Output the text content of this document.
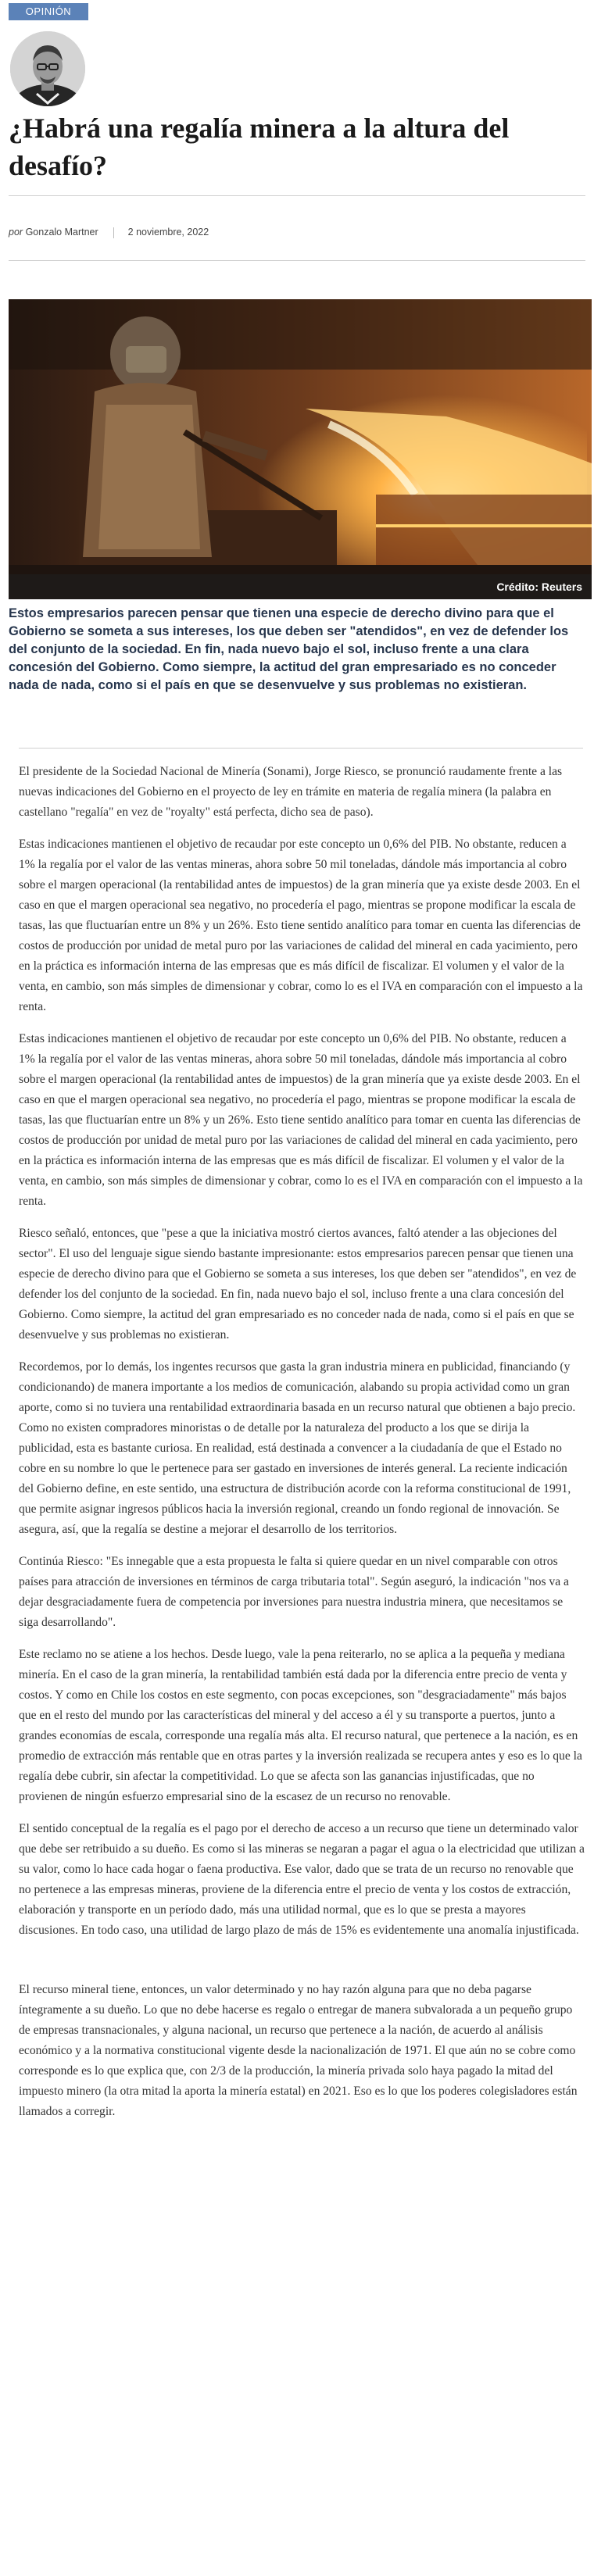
OPINIÓN
¿Habrá una regalía minera a la altura del desafío?
por Gonzalo Martner	2 noviembre, 2022
Crédito: Reuters

Estos empresarios parecen pensar que tienen una especie de derecho divino para que el Gobierno se someta a sus intereses, los que deben ser "atendidos", en vez de defender los del conjunto de la sociedad. En fin, nada nuevo bajo el sol, incluso frente a una clara concesión del Gobierno. Como siempre, la actitud del gran empresariado es no conceder nada de nada, como si el país en que se desenvuelve y sus problemas no existieran.

El presidente de la Sociedad Nacional de Minería (Sonami), Jorge Riesco, se pronunció raudamente frente a las nuevas indicaciones del Gobierno en el proyecto de ley en trámite en materia de regalía minera (la palabra en castellano "regalía" en vez de "royalty" está perfecta, dicho sea de paso).

Estas indicaciones mantienen el objetivo de recaudar por este concepto un 0,6% del PIB. No obstante, reducen a 1% la regalía por el valor de las ventas mineras, ahora sobre 50 mil toneladas, dándole más importancia al cobro sobre el margen operacional (la rentabilidad antes de impuestos) de la gran minería que ya existe desde 2003. En el caso en que el margen operacional sea negativo, no procedería el pago, mientras se propone modificar la escala de tasas, las que fluctuarían entre un 8% y un 26%. Esto tiene sentido analítico para tomar en cuenta las diferencias de costos de producción por unidad de metal puro por las variaciones de calidad del mineral en cada yacimiento, pero en la práctica es información interna de las empresas que es más difícil de fiscalizar. El volumen y el valor de la venta, en cambio, son más simples de dimensionar y cobrar, como lo es el IVA en comparación con el impuesto a la renta.

Estas indicaciones mantienen el objetivo de recaudar por este concepto un 0,6% del PIB. No obstante, reducen a 1% la regalía por el valor de las ventas mineras, ahora sobre 50 mil toneladas, dándole más importancia al cobro sobre el margen operacional (la rentabilidad antes de impuestos) de la gran minería que ya existe desde 2003. En el caso en que el margen operacional sea negativo, no procedería el pago, mientras se propone modificar la escala de tasas, las que fluctuarían entre un 8% y un 26%. Esto tiene sentido analítico para tomar en cuenta las diferencias de costos de producción por unidad de metal puro por las variaciones de calidad del mineral en cada yacimiento, pero en la práctica es información interna de las empresas que es más difícil de fiscalizar. El volumen y el valor de la venta, en cambio, son más simples de dimensionar y cobrar, como lo es el IVA en comparación con el impuesto a la renta.

Riesco señaló, entonces, que "pese a que la iniciativa mostró ciertos avances, faltó atender a las objeciones del sector". El uso del lenguaje sigue siendo bastante impresionante: estos empresarios parecen pensar que tienen una especie de derecho divino para que el Gobierno se someta a sus intereses, los que deben ser "atendidos", en vez de defender los del conjunto de la sociedad. En fin, nada nuevo bajo el sol, incluso frente a una clara concesión del Gobierno. Como siempre, la actitud del gran empresariado es no conceder nada de nada, como si el país en que se desenvuelve y sus problemas no existieran.

Recordemos, por lo demás, los ingentes recursos que gasta la gran industria minera en publicidad, financiando (y condicionando) de manera importante a los medios de comunicación, alabando su propia actividad como un gran aporte, como si no tuviera una rentabilidad extraordinaria basada en un recurso natural que obtienen a bajo precio. Como no existen compradores minoristas o de detalle por la naturaleza del producto a los que se dirija la publicidad, esta es bastante curiosa. En realidad, está destinada a convencer a la ciudadanía de que el Estado no cobre en su nombre lo que le pertenece para ser gastado en inversiones de interés general. La reciente indicación del Gobierno define, en este sentido, una estructura de distribución acorde con la reforma constitucional de 1991, que permite asignar ingresos públicos hacia la inversión regional, creando un fondo regional de innovación. Se asegura, así, que la regalía se destine a mejorar el desarrollo de los territorios.

Continúa Riesco: "Es innegable que a esta propuesta le falta si quiere quedar en un nivel comparable con otros países para atracción de inversiones en términos de carga tributaria total". Según aseguró, la indicación "nos va a dejar desgraciadamente fuera de competencia por inversiones para nuestra industria minera, que necesitamos se siga desarrollando".

Este reclamo no se atiene a los hechos. Desde luego, vale la pena reiterarlo, no se aplica a la pequeña y mediana minería. En el caso de la gran minería, la rentabilidad también está dada por la diferencia entre precio de venta y costos. Y como en Chile los costos en este segmento, con pocas excepciones, son "desgraciadamente" más bajos que en el resto del mundo por las características del mineral y del acceso a él y su transporte a puertos, junto a grandes economías de escala, corresponde una regalía más alta. El recurso natural, que pertenece a la nación, es en promedio de extracción más rentable que en otras partes y la inversión realizada se recupera antes y eso es lo que la regalía debe cubrir, sin afectar la competitividad. Lo que se afecta son las ganancias injustificadas, que no provienen de ningún esfuerzo empresarial sino de la escasez de un recurso no renovable.

El sentido conceptual de la regalía es el pago por el derecho de acceso a un recurso que tiene un determinado valor que debe ser retribuido a su dueño. Es como si las mineras se negaran a pagar el agua o la electricidad que utilizan a su valor, como lo hace cada hogar o faena productiva. Ese valor, dado que se trata de un recurso no renovable que no pertenece a las empresas mineras, proviene de la diferencia entre el precio de venta y los costos de extracción, elaboración y transporte en un período dado, más una utilidad normal, que es lo que se presta a mayores discusiones. En todo caso, una utilidad de largo plazo de más de 15% es evidentemente una anomalía injustificada.

El recurso mineral tiene, entonces, un valor determinado y no hay razón alguna para que no deba pagarse íntegramente a su dueño. Lo que no debe hacerse es regalo o entregar de manera subvalorada a un pequeño grupo de empresas transnacionales, y alguna nacional, un recurso que pertenece a la nación, de acuerdo al análisis económico y a la normativa constitucional vigente desde la nacionalización de 1971. El que aún no se cobre como corresponde es lo que explica que, con 2/3 de la producción, la minería privada solo haya pagado la mitad del impuesto minero (la otra mitad la aporta la minería estatal) en 2021. Eso es lo que los poderes colegisladores están llamados a corregir.
